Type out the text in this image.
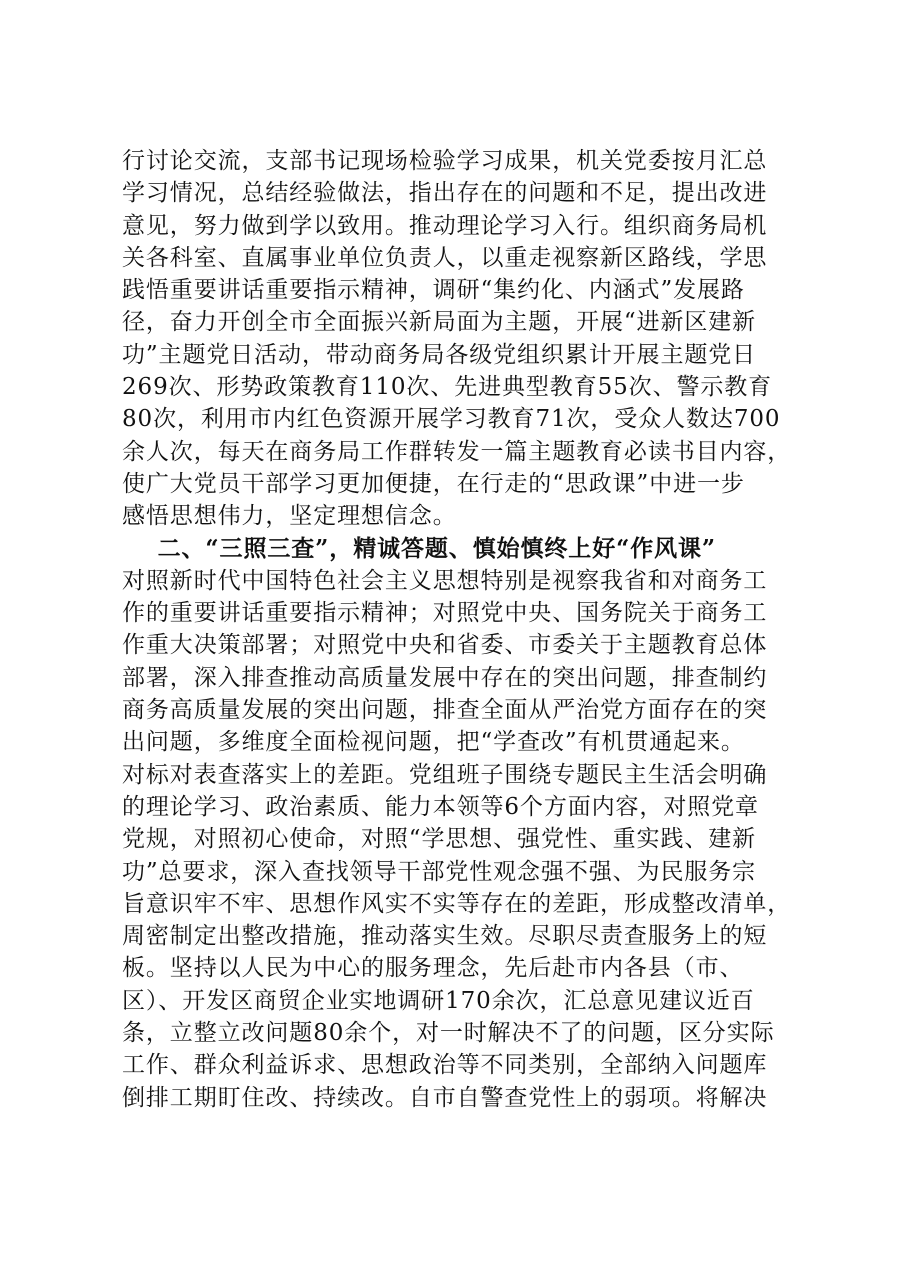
行讨论交流，支部书记现场检验学习成果，机关党委按月汇总
学习情况，总结经验做法，指出存在的问题和不足，提出改进
意见，努力做到学以致用。推动理论学习入行。组织商务局机
关各科室、直属事业单位负责人，以重走视察新区路线，学思
践悟重要讲话重要指示精神，调研“集约化、内涵式”发展路
径，奋力开创全市全面振兴新局面为主题，开展“进新区建新
功”主题党日活动，带动商务局各级党组织累计开展主题党日
269次、形势政策教育110次、先进典型教育55次、警示教育
80次，利用市内红色资源开展学习教育71次，受众人数达700
余人次，每天在商务局工作群转发一篇主题教育必读书目内容，
使广大党员干部学习更加便捷，在行走的“思政课”中进一步
感悟思想伟力，坚定理想信念。
二、“三照三查”，精诚答题、慎始慎终上好“作风课”
对照新时代中国特色社会主义思想特别是视察我省和对商务工
作的重要讲话重要指示精神；对照党中央、国务院关于商务工
作重大决策部署；对照党中央和省委、市委关于主题教育总体
部署，深入排查推动高质量发展中存在的突出问题，排查制约
商务高质量发展的突出问题，排查全面从严治党方面存在的突
出问题，多维度全面检视问题，把“学查改”有机贯通起来。
对标对表查落实上的差距。党组班子围绕专题民主生活会明确
的理论学习、政治素质、能力本领等6个方面内容，对照党章
党规，对照初心使命，对照“学思想、强党性、重实践、建新
功”总要求，深入查找领导干部党性观念强不强、为民服务宗
旨意识牢不牢、思想作风实不实等存在的差距，形成整改清单，
周密制定出整改措施，推动落实生效。尽职尽责查服务上的短
板。坚持以人民为中心的服务理念，先后赴市内各县（市、
区）、开发区商贸企业实地调研170余次，汇总意见建议近百
条，立整立改问题80余个，对一时解决不了的问题，区分实际
工作、群众利益诉求、思想政治等不同类别，全部纳入问题库
倒排工期盯住改、持续改。自市自警查党性上的弱项。将解决
